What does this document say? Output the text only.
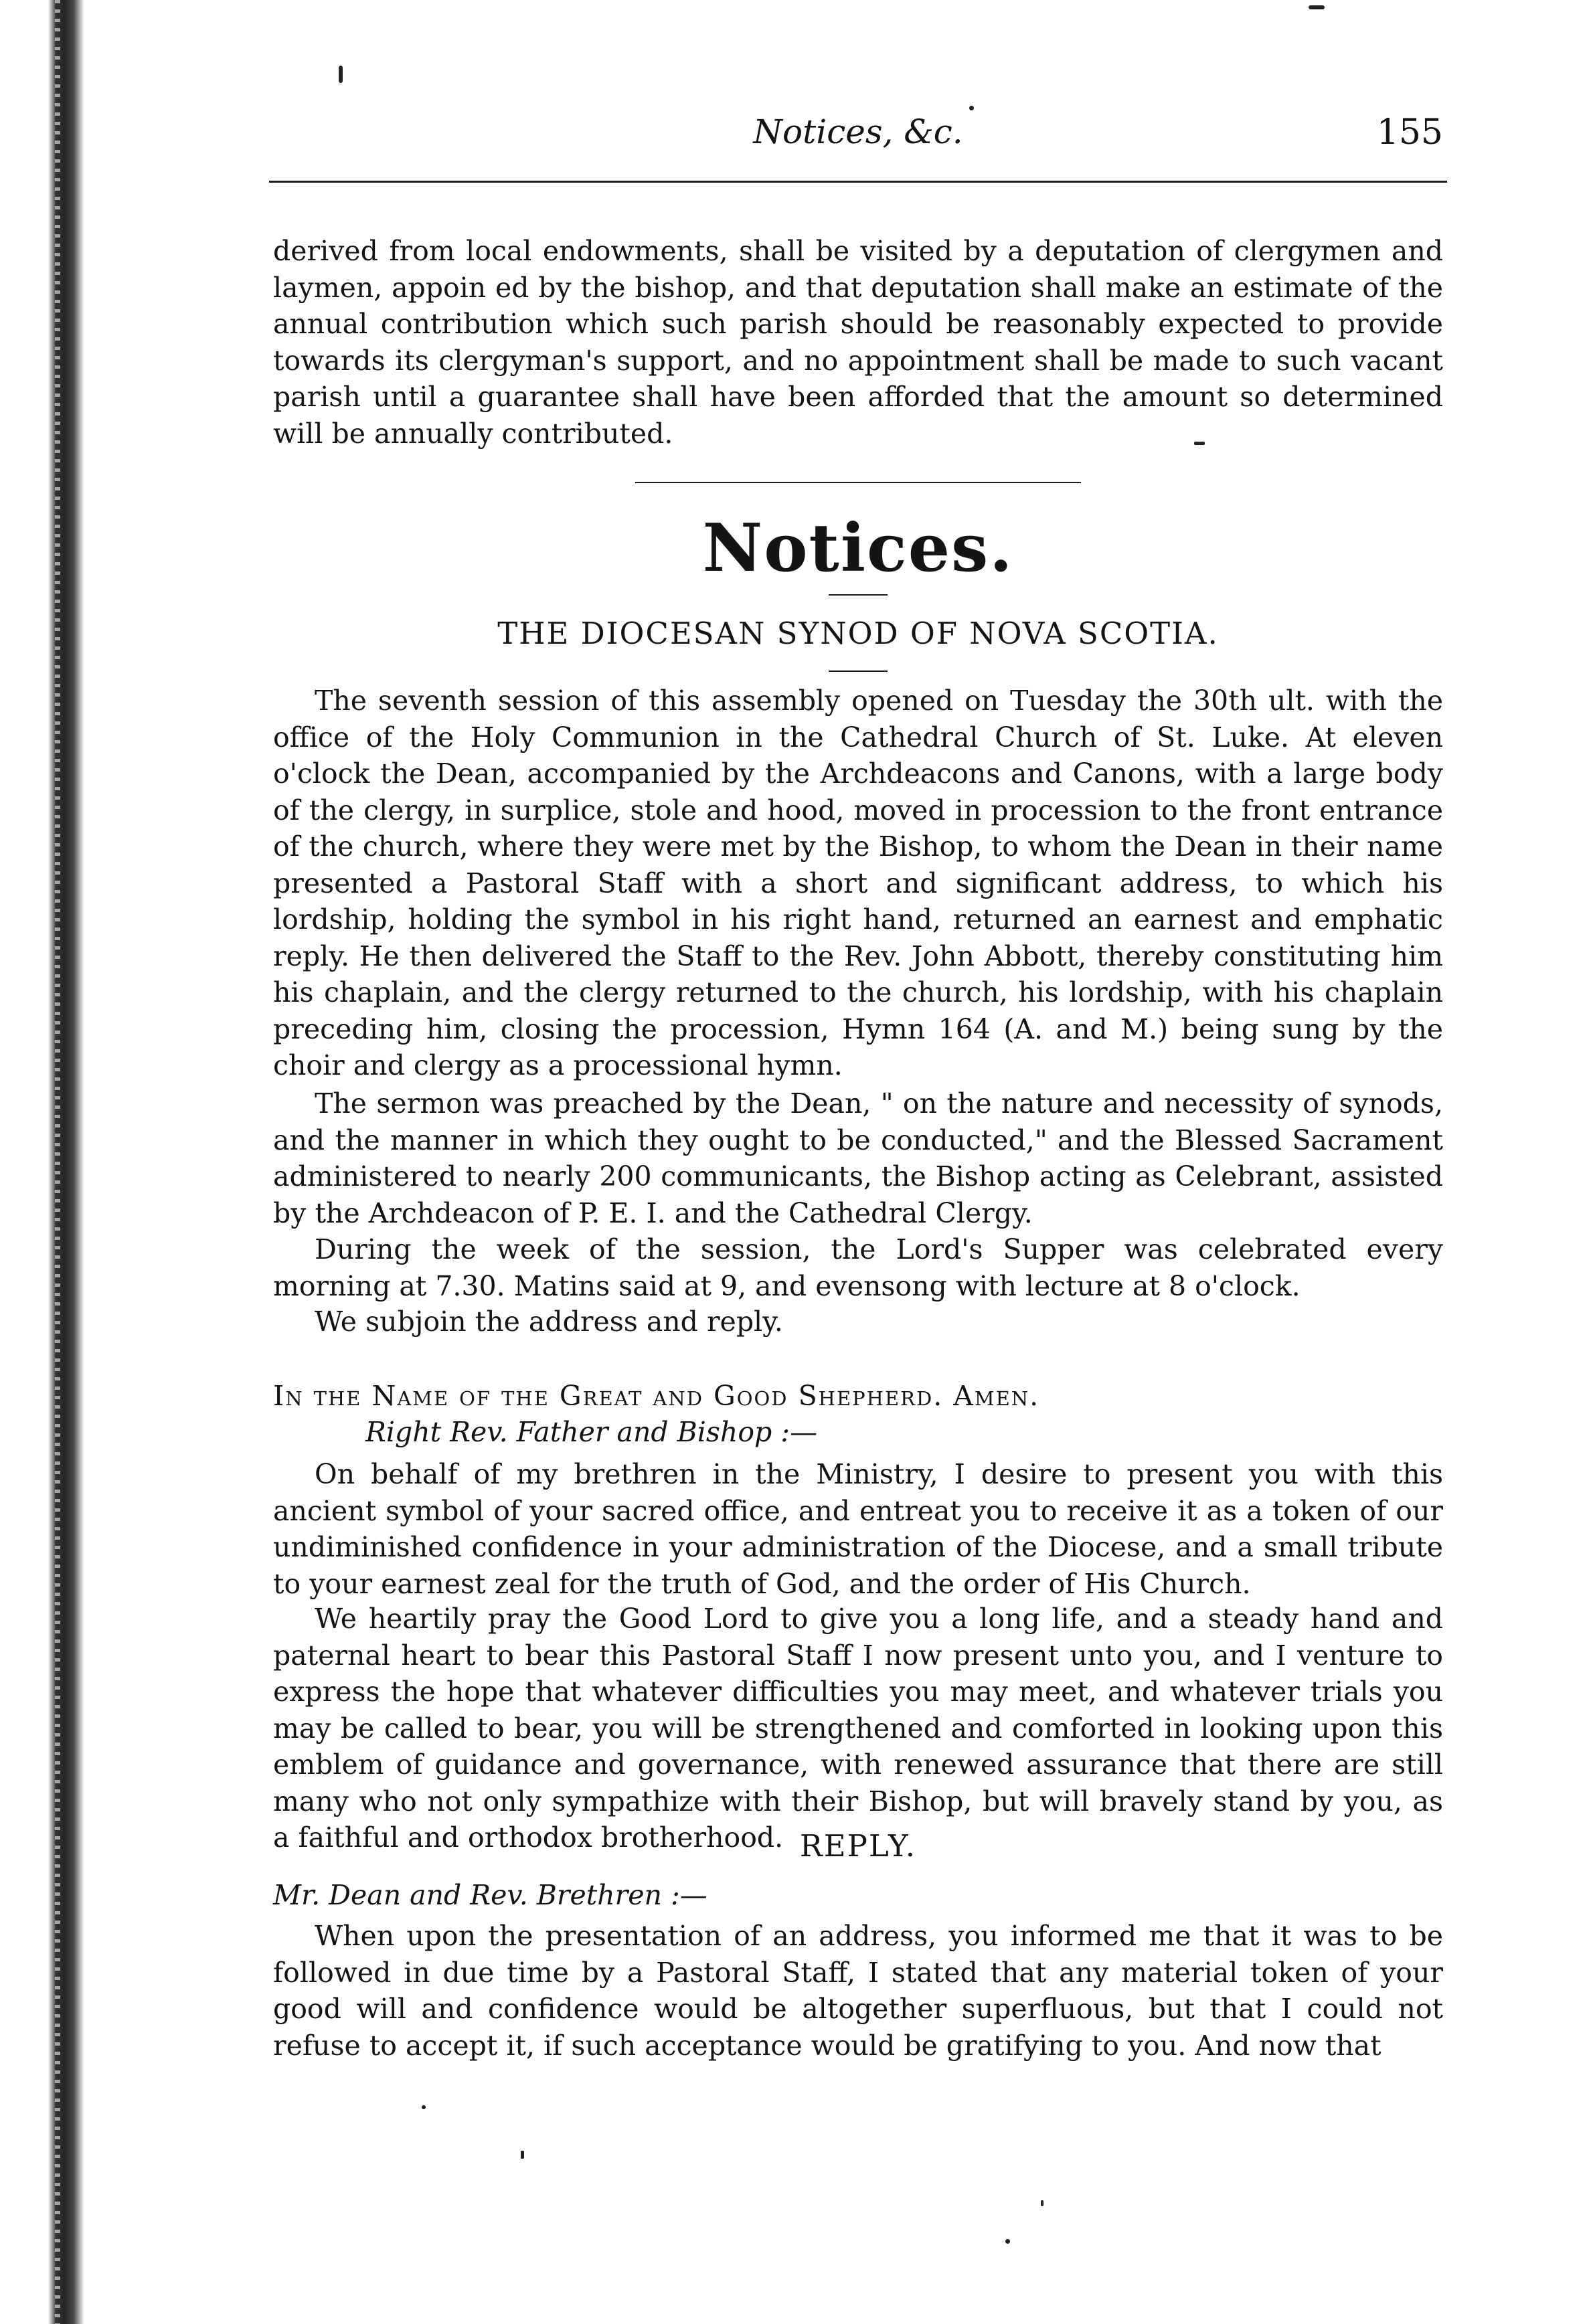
Notices, &c.	155

derived from local endowments, shall be visited by a deputation of clergymen and laymen, appoin ed by the bishop, and that deputation shall make an estimate of the annual contribution which such parish should be reasonably expected to provide towards its clergyman's support, and no appointment shall be made to such vacant parish until a guarantee shall have been afforded that the amount so determined will be annually contributed.

Notices.
THE DIOCESAN SYNOD OF NOVA SCOTIA.

The seventh session of this assembly opened on Tuesday the 30th ult. with the office of the Holy Communion in the Cathedral Church of St. Luke. At eleven o'clock the Dean, accompanied by the Archdeacons and Canons, with a large body of the clergy, in surplice, stole and hood, moved in procession to the front entrance of the church, where they were met by the Bishop, to whom the Dean in their name presented a Pastoral Staff with a short and significant address, to which his lordship, holding the symbol in his right hand, returned an earnest and emphatic reply. He then delivered the Staff to the Rev. John Abbott, thereby constituting him his chaplain, and the clergy returned to the church, his lordship, with his chaplain preceding him, closing the procession, Hymn 164 (A. and M.) being sung by the choir and clergy as a processional hymn.

The sermon was preached by the Dean, " on the nature and necessity of synods, and the manner in which they ought to be conducted," and the Blessed Sacrament administered to nearly 200 communicants, the Bishop acting as Celebrant, assisted by the Archdeacon of P. E. I. and the Cathedral Clergy.

During the week of the session, the Lord's Supper was celebrated every morning at 7.30. Matins said at 9, and evensong with lecture at 8 o'clock.

We subjoin the address and reply.

In the Name of the Great and Good Shepherd. Amen.
Right Rev. Father and Bishop :—

On behalf of my brethren in the Ministry, I desire to present you with this ancient symbol of your sacred office, and entreat you to receive it as a token of our undiminished confidence in your administration of the Diocese, and a small tribute to your earnest zeal for the truth of God, and the order of His Church.

We heartily pray the Good Lord to give you a long life, and a steady hand and paternal heart to bear this Pastoral Staff I now present unto you, and I venture to express the hope that whatever difficulties you may meet, and whatever trials you may be called to bear, you will be strengthened and comforted in looking upon this emblem of guidance and governance, with renewed assurance that there are still many who not only sympathize with their Bishop, but will bravely stand by you, as a faithful and orthodox brotherhood. REPLY.
Mr. Dean and Rev. Brethren :—

When upon the presentation of an address, you informed me that it was to be followed in due time by a Pastoral Staff, I stated that any material token of your good will and confidence would be altogether superfluous, but that I could not refuse to accept it, if such acceptance would be gratifying to you. And now that
